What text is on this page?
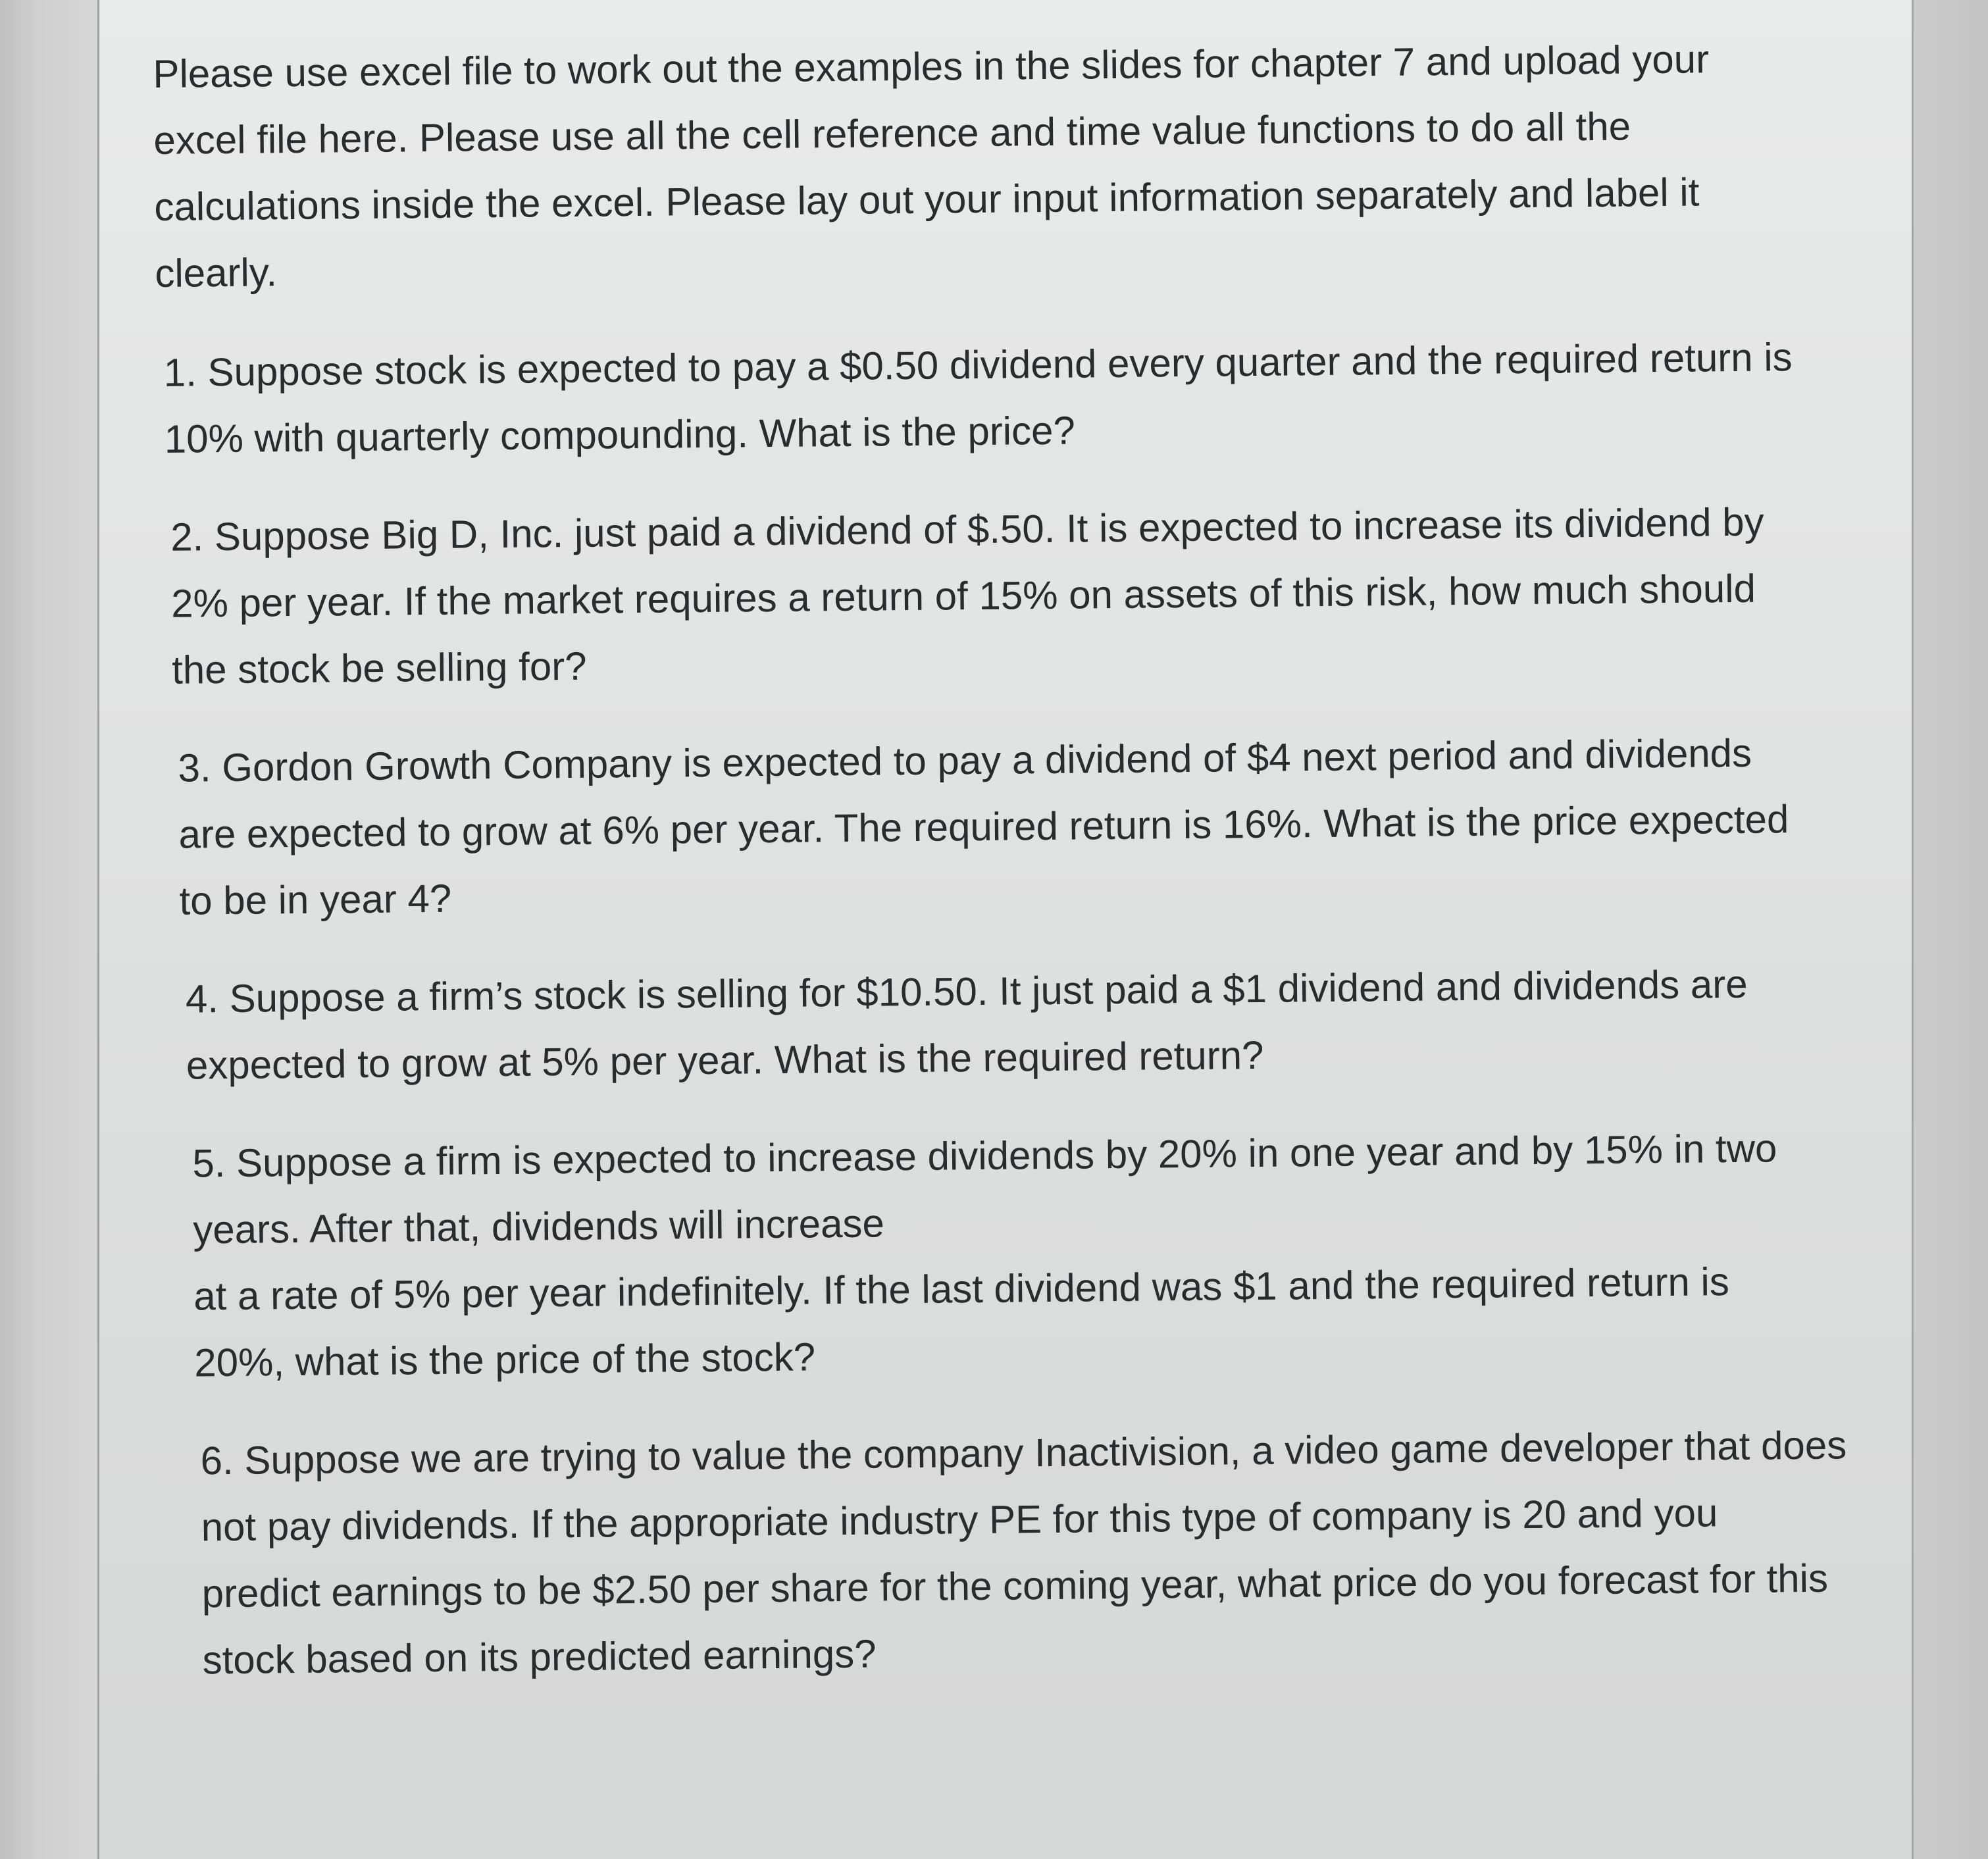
Please use excel file to work out the examples in the slides for chapter 7 and upload your
excel file here. Please use all the cell reference and time value functions to do all the
calculations inside the excel. Please lay out your input information separately and label it
clearly.
1. Suppose stock is expected to pay a $0.50 dividend every quarter and the required return is
10% with quarterly compounding. What is the price?
2. Suppose Big D, Inc. just paid a dividend of $.50. It is expected to increase its dividend by
2% per year. If the market requires a return of 15% on assets of this risk, how much should
the stock be selling for?
3. Gordon Growth Company is expected to pay a dividend of $4 next period and dividends
are expected to grow at 6% per year. The required return is 16%. What is the price expected
to be in year 4?
4. Suppose a firm’s stock is selling for $10.50. It just paid a $1 dividend and dividends are
expected to grow at 5% per year. What is the required return?
5. Suppose a firm is expected to increase dividends by 20% in one year and by 15% in two
years. After that, dividends will increase
at a rate of 5% per year indefinitely. If the last dividend was $1 and the required return is
20%, what is the price of the stock?
6. Suppose we are trying to value the company Inactivision, a video game developer that does
not pay dividends. If the appropriate industry PE for this type of company is 20 and you
predict earnings to be $2.50 per share for the coming year, what price do you forecast for this
stock based on its predicted earnings?
